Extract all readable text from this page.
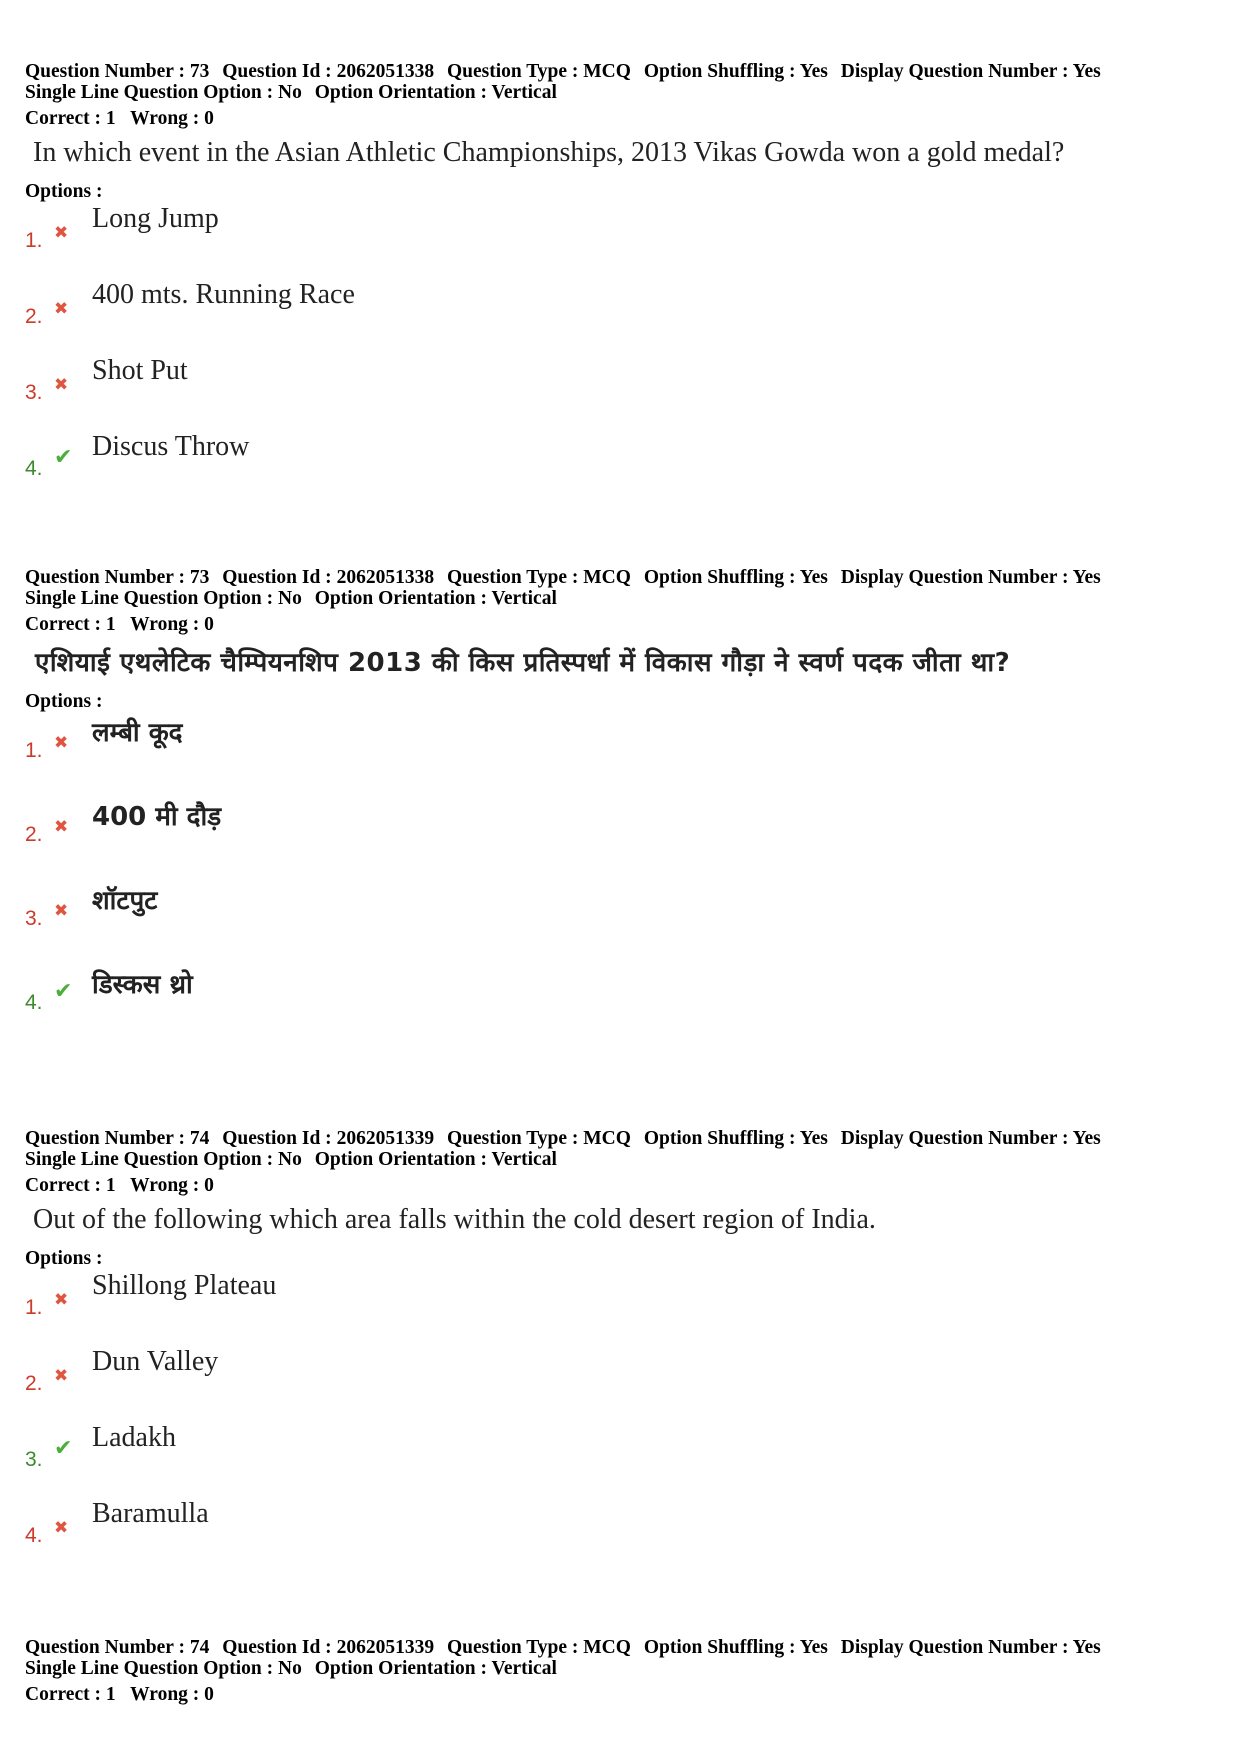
Question Number : 73 Question Id : 2062051338 Question Type : MCQ Option Shuffling : Yes Display Question Number : Yes
Single Line Question Option : No Option Orientation : Vertical
Correct : 1 Wrong : 0
In which event in the Asian Athletic Championships, 2013 Vikas Gowda won a gold medal?
Options :
1. ✖ Long Jump
2. ✖ 400 mts. Running Race
3. ✖ Shot Put
4. ✔ Discus Throw
Question Number : 73 Question Id : 2062051338 Question Type : MCQ Option Shuffling : Yes Display Question Number : Yes
Single Line Question Option : No Option Orientation : Vertical
Correct : 1 Wrong : 0
एशियाई एथलेटिक चैम्पियनशिप 2013 की किस प्रतिस्पर्धा में विकास गौड़ा ने स्वर्ण पदक जीता था?
Options :
1. ✖ लम्बी कूद
2. ✖ 400 मी दौड़
3. ✖ शॉटपुट
4. ✔ डिस्कस थ्रो
Question Number : 74 Question Id : 2062051339 Question Type : MCQ Option Shuffling : Yes Display Question Number : Yes
Single Line Question Option : No Option Orientation : Vertical
Correct : 1 Wrong : 0
Out of the following which area falls within the cold desert region of India.
Options :
1. ✖ Shillong Plateau
2. ✖ Dun Valley
3. ✔ Ladakh
4. ✖ Baramulla
Question Number : 74 Question Id : 2062051339 Question Type : MCQ Option Shuffling : Yes Display Question Number : Yes
Single Line Question Option : No Option Orientation : Vertical
Correct : 1 Wrong : 0
